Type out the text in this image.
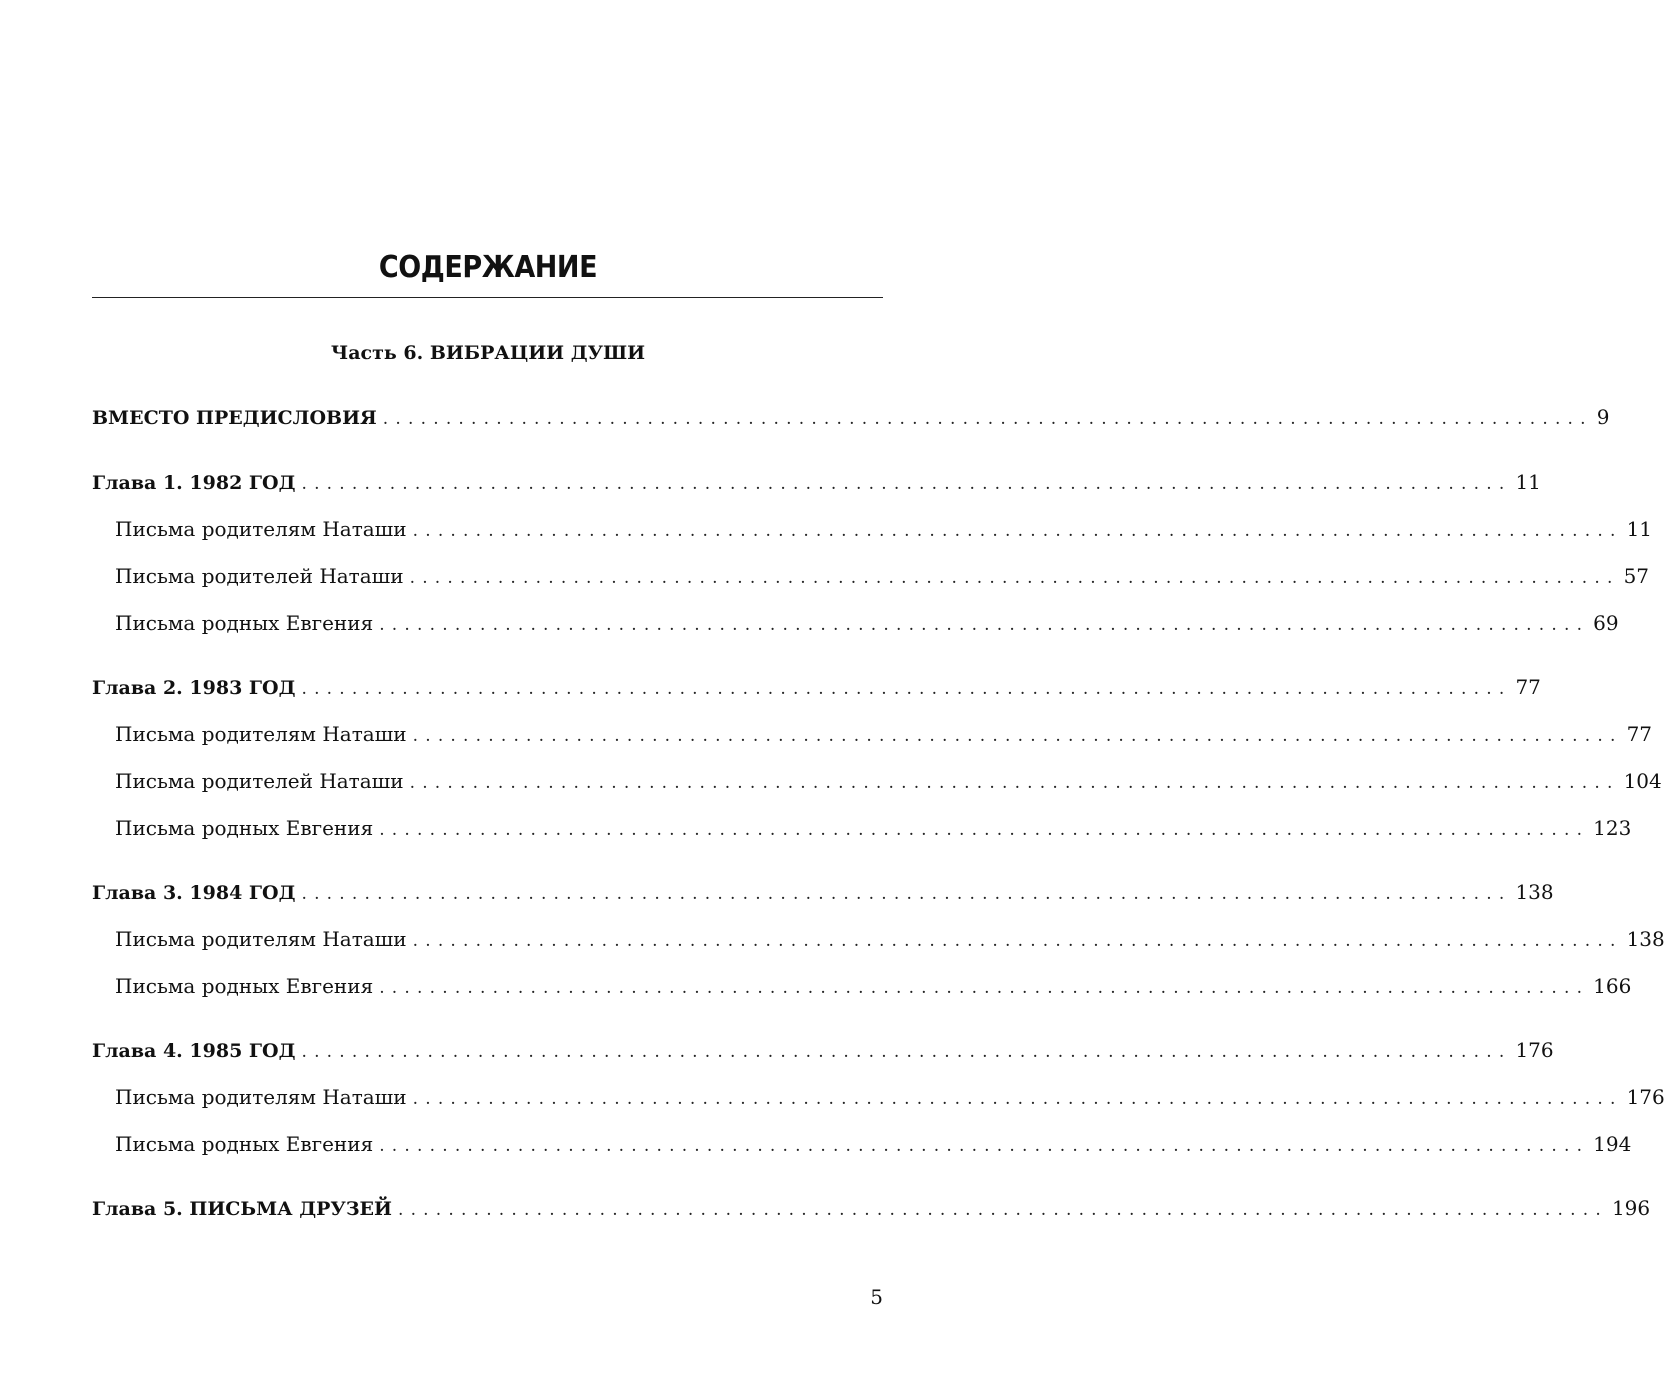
СОДЕРЖАНИЕ
Часть 6. ВИБРАЦИИ ДУШИ
ВМЕСТО ПРЕДИСЛОВИЯ ................................................................................................ 9
Глава 1. 1982 ГОД ................................................................................................ 11
Письма родителям Наташи ................................................................................................ 11
Письма родителей Наташи ................................................................................................ 57
Письма родных Евгения ................................................................................................ 69
Глава 2. 1983 ГОД ................................................................................................ 77
Письма родителям Наташи ................................................................................................ 77
Письма родителей Наташи ................................................................................................ 104
Письма родных Евгения ................................................................................................ 123
Глава 3. 1984 ГОД ................................................................................................ 138
Письма родителям Наташи ................................................................................................ 138
Письма родных Евгения ................................................................................................ 166
Глава 4. 1985 ГОД ................................................................................................ 176
Письма родителям Наташи ................................................................................................ 176
Письма родных Евгения ................................................................................................ 194
Глава 5. ПИСЬМА ДРУЗЕЙ ................................................................................................ 196
5
